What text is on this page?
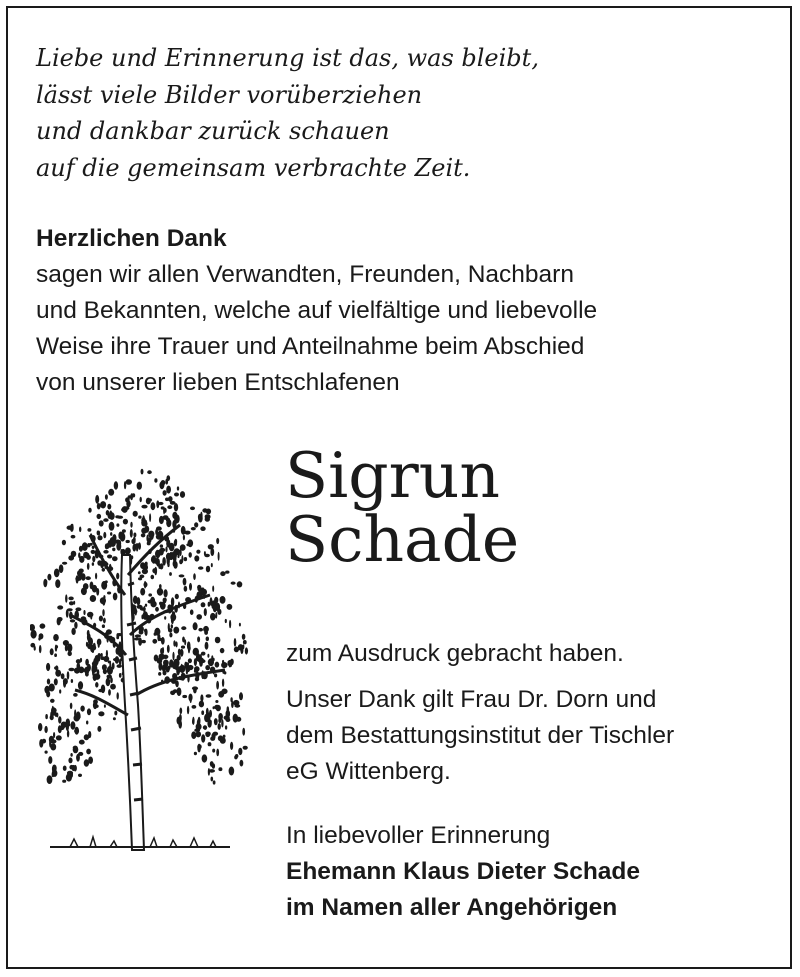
Liebe und Erinnerung ist das, was bleibt,
lässt viele Bilder vorüberziehen
und dankbar zurück schauen
auf die gemeinsam verbrachte Zeit.
Herzlichen Dank
sagen wir allen Verwandten, Freunden, Nachbarn
und Bekannten, welche auf vielfältige und liebevolle
Weise ihre Trauer und Anteilnahme beim Abschied
von unserer lieben Entschlafenen
Sigrun
Schade
zum Ausdruck gebracht haben.
Unser Dank gilt Frau Dr. Dorn und
dem Bestattungsinstitut der Tischler
eG Wittenberg.
In liebevoller Erinnerung
Ehemann Klaus Dieter Schade
im Namen aller Angehörigen
